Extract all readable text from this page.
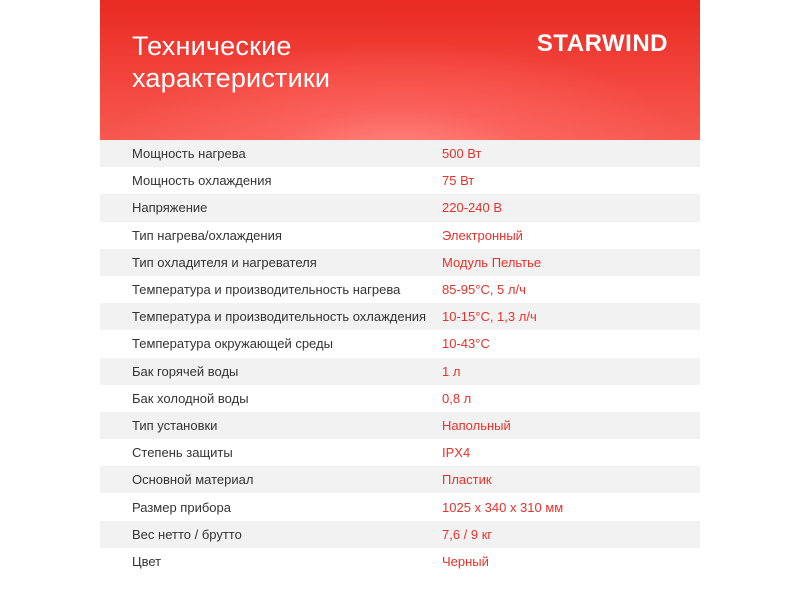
Технические
характеристики
STARWIND
Мощность нагрева	500 Вт
Мощность охлаждения	75 Вт
Напряжение	220-240 В
Тип нагрева/охлаждения	Электронный
Тип охладителя и нагревателя	Модуль Пельтье
Температура и производительность нагрева	85-95°С, 5 л/ч
Температура и производительность охлаждения	10-15°С, 1,3 л/ч
Температура окружающей среды	10-43°С
Бак горячей воды	1 л
Бак холодной воды	0,8 л
Тип установки	Напольный
Степень защиты	IPX4
Основной материал	Пластик
Размер прибора	1025 х 340 х 310 мм
Вес нетто / брутто	7,6 / 9 кг
Цвет	Черный
